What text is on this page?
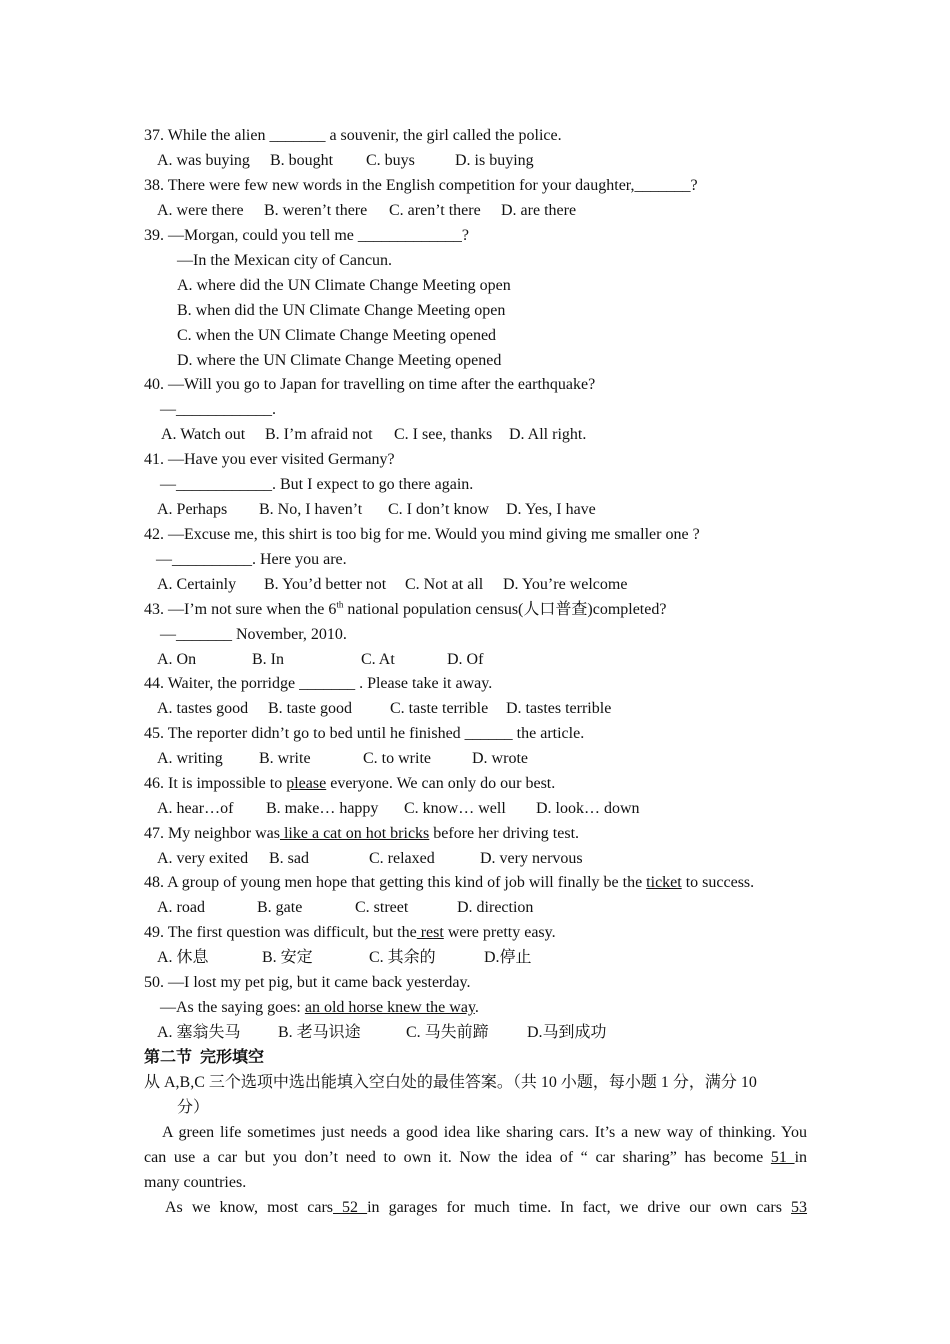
37. While the alien _______ a souvenir, the girl called the police.
A. was buying B. bought C. buys	D. is buying
38. There were few new words in the English competition for your daughter,_______?
A. were there B. weren’t there C. aren’t there D. are there
39. —Morgan, could you tell me _____________?
—In the Mexican city of Cancun.
A. where did the UN Climate Change Meeting open
B. when did the UN Climate Change Meeting open
C. when the UN Climate Change Meeting opened
D. where the UN Climate Change Meeting opened
40. —Will you go to Japan for travelling on time after the earthquake?
—____________.
A. Watch out B. I’m afraid not C. I see, thanks D. All right.
41. —Have you ever visited Germany?
—____________. But I expect to go there again.
A. Perhaps B. No, I haven’t C. I don’t know D. Yes, I have
42. —Excuse me, this shirt is too big for me. Would you mind giving me smaller one ?
—__________. Here you are.
A. Certainly B. You’d better not C. Not at all D. You’re welcome
43. —I’m not sure when the 6th national population census(人口普查)completed?
—_______ November, 2010.
A. On	B. In	C. At	D. Of
44. Waiter, the porridge _______ . Please take it away.
A. tastes good B. taste good C. taste terrible D. tastes terrible
45. The reporter didn’t go to bed until he finished ______ the article.
A. writing B. write	C. to write	D. wrote
46. It is impossible to please everyone. We can only do our best.
A. hear…of B. make… happy C. know… well D. look… down
47. My neighbor was like a cat on hot bricks before her driving test.
A. very exited B. sad	C. relaxed	D. very nervous
48. A group of young men hope that getting this kind of job will finally be the ticket to success.
A. road	B. gate	C. street	D. direction
49. The first question was difficult, but the rest were pretty easy.
A. 休息	B. 安定	C. 其余的	D.停止
50. —I lost my pet pig, but it came back yesterday.
—As the saying goes: an old horse knew the way.
A. 塞翁失马 B. 老马识途	C. 马失前蹄 D.马到成功
第二节  完形填空
从 A,B,C 三个选项中选出能填入空白处的最佳答案。（共 10 小题，每小题 1 分，满分 10
分）
A green life sometimes just needs a good idea like sharing cars. It’s a new way of thinking. You
can use a car but you don’t need to own it. Now the idea of “ car sharing” has become 51 in
many countries.
As we know, most cars 52 in garages for much time. In fact, we drive our own cars 53
